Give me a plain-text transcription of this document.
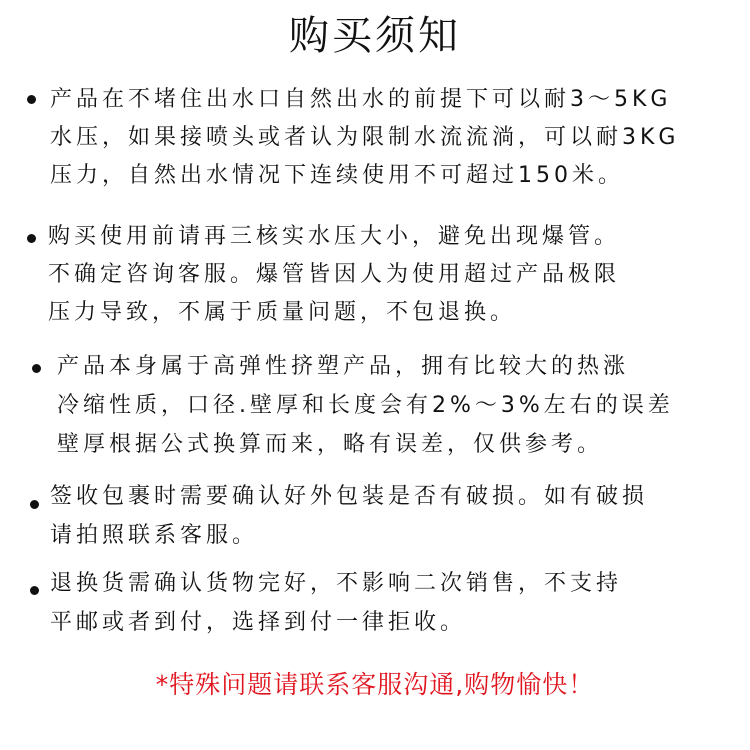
购买须知
产品在不堵住出水口自然出水的前提下可以耐3～5KG
水压，如果接喷头或者认为限制水流流淌，可以耐3KG
压力，自然出水情况下连续使用不可超过150米。
购买使用前请再三核实水压大小，避免出现爆管。
不确定咨询客服。爆管皆因人为使用超过产品极限
压力导致，不属于质量问题，不包退换。
产品本身属于高弹性挤塑产品，拥有比较大的热涨
冷缩性质，口径.壁厚和长度会有2%～3%左右的误差
壁厚根据公式换算而来，略有误差，仅供参考。
签收包裹时需要确认好外包装是否有破损。如有破损
请拍照联系客服。
退换货需确认货物完好，不影响二次销售，不支持
平邮或者到付，选择到付一律拒收。
*特殊问题请联系客服沟通,购物愉快！
